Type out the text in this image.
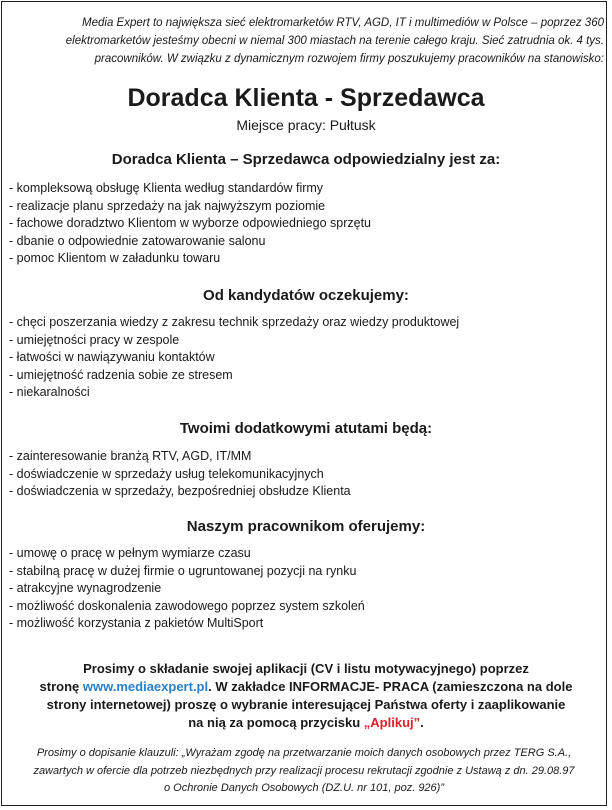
Media Expert to największa sieć elektromarketów RTV, AGD, IT i multimediów w Polsce – poprzez 360

elektromarketów jesteśmy obecni w niemal 300 miastach na terenie całego kraju. Sieć zatrudnia ok. 4 tys.

pracowników. W związku z dynamicznym rozwojem firmy poszukujemy pracowników na stanowisko:

Doradca Klienta - Sprzedawca
Miejsce pracy: Pułtusk
Doradca Klienta – Sprzedawca odpowiedzialny jest za:
- kompleksową obsługę Klienta według standardów firmy
- realizacje planu sprzedaży na jak najwyższym poziomie
- fachowe doradztwo Klientom w wyborze odpowiedniego sprzętu
- dbanie o odpowiednie zatowarowanie salonu
- pomoc Klientom w załadunku towaru
Od kandydatów oczekujemy:
- chęci poszerzania wiedzy z zakresu technik sprzedaży oraz wiedzy produktowej
- umiejętności pracy w zespole
- łatwości w nawiązywaniu kontaktów
- umiejętność radzenia sobie ze stresem
- niekaralności
Twoimi dodatkowymi atutami będą:
- zainteresowanie branżą RTV, AGD, IT/MM
- doświadczenie w sprzedaży usług telekomunikacyjnych
- doświadczenia w sprzedaży, bezpośredniej obsłudze Klienta
Naszym pracownikom oferujemy:
- umowę o pracę w pełnym wymiarze czasu
- stabilną pracę w dużej firmie o ugruntowanej pozycji na rynku
- atrakcyjne wynagrodzenie
- możliwość doskonalenia zawodowego poprzez system szkoleń
- możliwość korzystania z pakietów MultiSport

Prosimy o składanie swojej aplikacji (CV i listu motywacyjnego) poprzez

stronę www.mediaexpert.pl. W zakładce INFORMACJE- PRACA (zamieszczona na dole

strony internetowej) proszę o wybranie interesującej Państwa oferty i zaaplikowanie

na nią za pomocą przycisku „Aplikuj”.

Prosimy o dopisanie klauzuli: „Wyrażam zgodę na przetwarzanie moich danych osobowych przez TERG S.A.,

zawartych w ofercie dla potrzeb niezbędnych przy realizacji procesu rekrutacji zgodnie z Ustawą z dn. 29.08.97

o Ochronie Danych Osobowych (DZ.U. nr 101, poz. 926)”
